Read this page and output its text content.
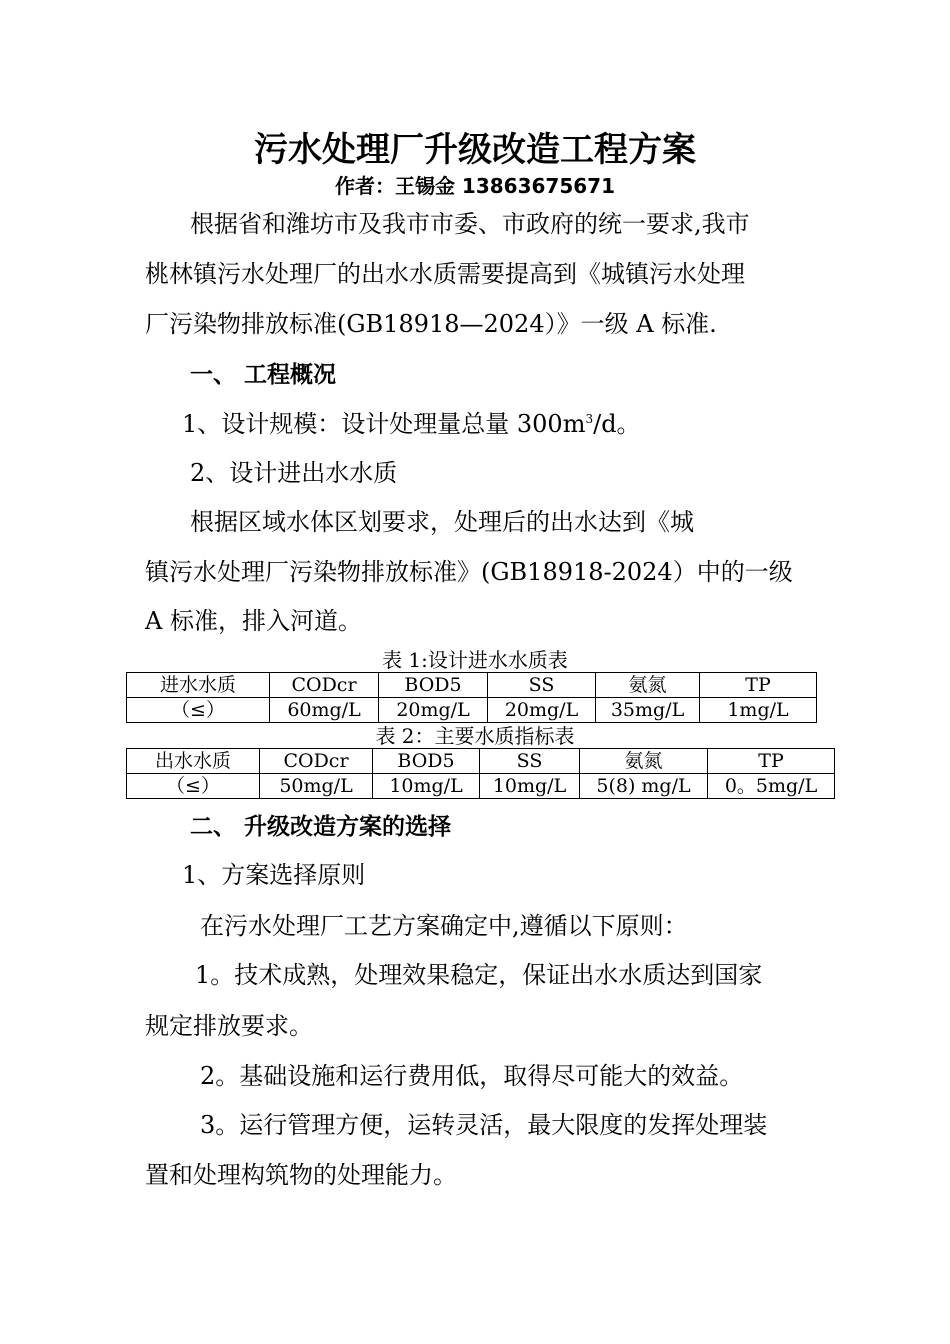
污水处理厂升级改造工程方案
作者：王锡金 13863675671
根据省和潍坊市及我市市委、市政府的统一要求,我市
桃林镇污水处理厂的出水水质需要提高到《城镇污水处理
厂污染物排放标准(GB18918—2024）》一级 A 标准.
一、 工程概况
1、设计规模：设计处理量总量 $300m^3/d$。
2、设计进出水水质
根据区域水体区划要求，处理后的出水达到《城
镇污水处理厂污染物排放标准》(GB18918-2024）中的一级
A 标准，排入河道。
表 1:设计进水水质表
进水水质	CODcr	BOD5	SS	氨氮	TP
（≤）	60mg/L	20mg/L	20mg/L	35mg/L	1mg/L
表 2：主要水质指标表
出水水质	CODcr	BOD5	SS	氨氮	TP
（≤）	50mg/L	10mg/L	10mg/L	5(8) mg/L	0。5mg/L
二、 升级改造方案的选择
1、方案选择原则
在污水处理厂工艺方案确定中,遵循以下原则：
1。技术成熟，处理效果稳定，保证出水水质达到国家
规定排放要求。
2。基础设施和运行费用低，取得尽可能大的效益。
3。运行管理方便，运转灵活，最大限度的发挥处理装
置和处理构筑物的处理能力。
